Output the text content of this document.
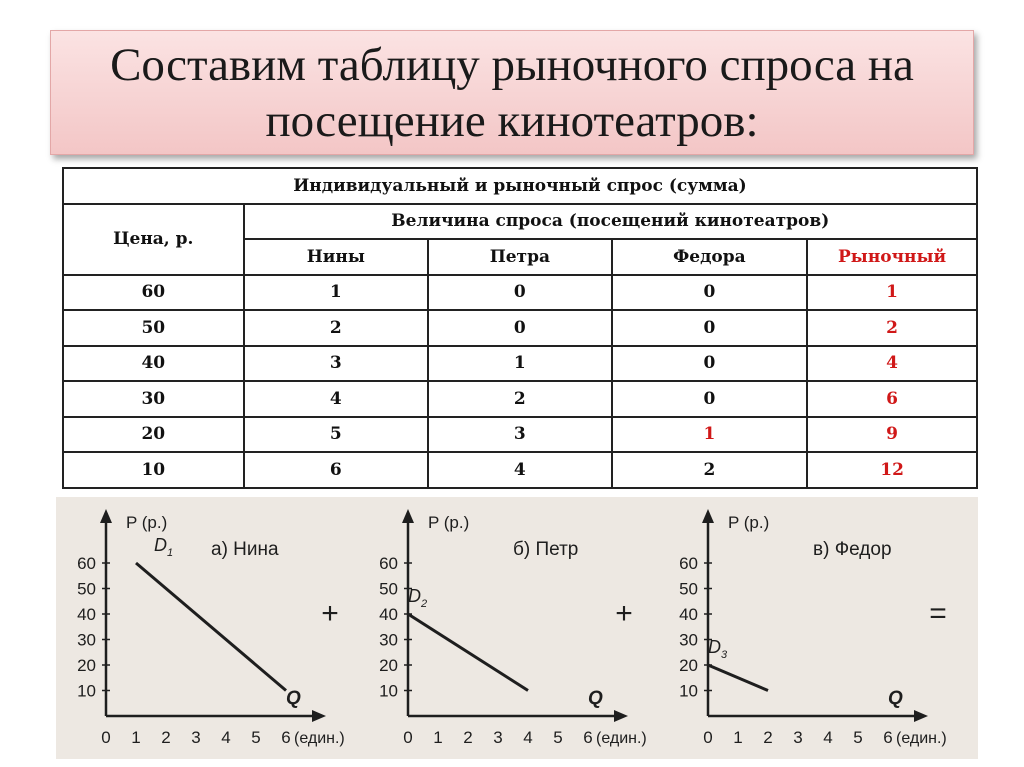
Составим таблицу рыночного спроса на посещение кинотеатров:
Индивидуальный и рыночный спрос (сумма)				
Цена, р.	Величина спроса (посещений кинотеатров)			
	Нины	Петра	Федора	Рыночный
60	1	0	0	1
50	2	0	0	2
40	3	1	0	4
30	4	2	0	6
20	5	3	1	9
10	6	4	2	12
10
20
30
40
50
60
0 1 2 3 4 5 6 (един.)
P (р.)
Q
а) Нина
$D_1$
10
20
30
40
50
60
0 1 2 3 4 5 6 (един.)
P (р.)
Q
б) Петр
$D_2$
10
20
30
40
50
60
0 1 2 3 4 5 6 (един.)
P (р.)
Q
в) Федор
$D_3$
+	+	=
